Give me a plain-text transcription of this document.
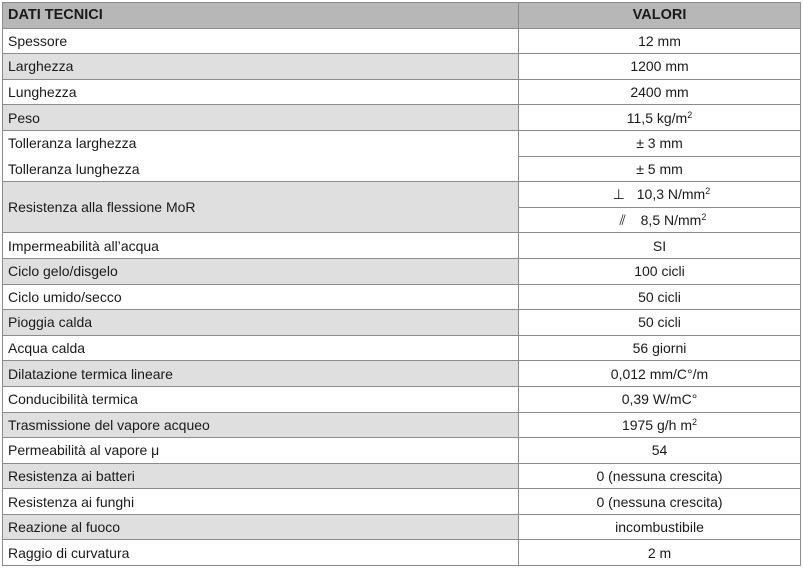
DATI TECNICI	VALORI
Spessore	12 mm
Larghezza	1200 mm
Lunghezza	2400 mm
Peso	11,5 $kg/m^2$
Tolleranza larghezza	± 3 mm
Tolleranza lunghezza	± 5 mm
Resistenza alla flessione MoR	⊥ 10,3 $N/mm^2$
	⫽ 8,5 $N/mm^2$
Impermeabilità all’acqua	SI
Ciclo gelo/disgelo	100 cicli
Ciclo umido/secco	50 cicli
Pioggia calda	50 cicli
Acqua calda	56 giorni
Dilatazione termica lineare	0,012 mm/C°/m
Conducibilità termica	0,39 W/mC°
Trasmissione del vapore acqueo	1975 g/h $m^2$
Permeabilità al vapore μ	54
Resistenza ai batteri	0 (nessuna crescita)
Resistenza ai funghi	0 (nessuna crescita)
Reazione al fuoco	incombustibile
Raggio di curvatura	2 m
